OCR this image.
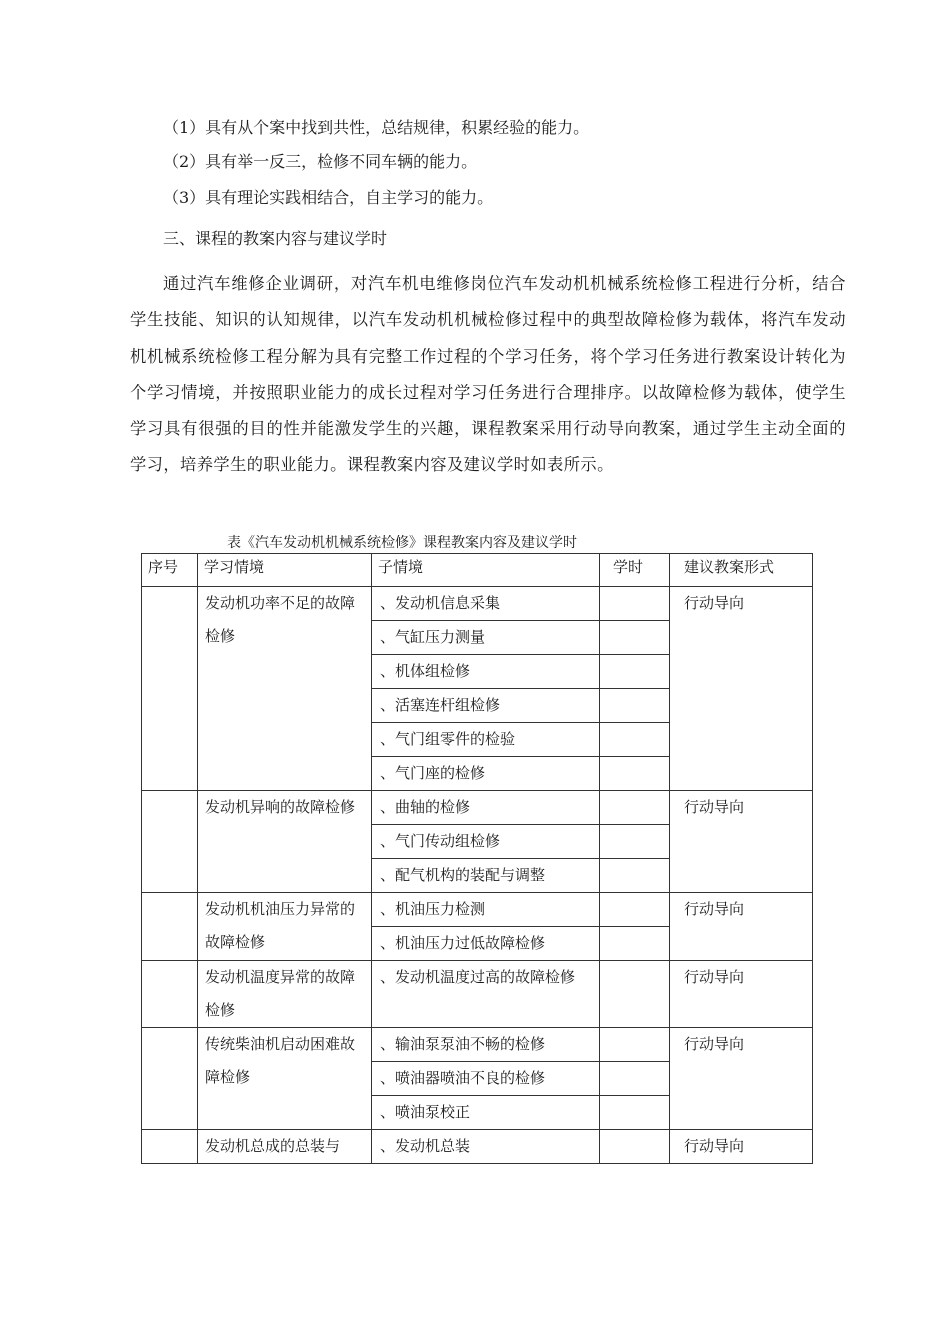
（1）具有从个案中找到共性，总结规律，积累经验的能力。
（2）具有举一反三，检修不同车辆的能力。
（3）具有理论实践相结合，自主学习的能力。
三、课程的教案内容与建议学时

通过汽车维修企业调研，对汽车机电维修岗位汽车发动机机械系统检修工程进行分析，结合学生技能、知识的认知规律，以汽车发动机机械检修过程中的典型故障检修为载体，将汽车发动机机械系统检修工程分解为具有完整工作过程的个学习任务，将个学习任务进行教案设计转化为个学习情境，并按照职业能力的成长过程对学习任务进行合理排序。以故障检修为载体，使学生学习具有很强的目的性并能激发学生的兴趣，课程教案采用行动导向教案，通过学生主动全面的学习，培养学生的职业能力。课程教案内容及建议学时如表所示。

表《汽车发动机机械系统检修》课程教案内容及建议学时
序号	学习情境	子情境	学时	建议教案形式
	发动机功率不足的故障检修	、发动机信息采集		行动导向
		、气缸压力测量		
		、机体组检修		
		、活塞连杆组检修		
		、气门组零件的检验		
		、气门座的检修		
	发动机异响的故障检修	、曲轴的检修		行动导向
		、气门传动组检修		
		、配气机构的装配与调整		
	发动机机油压力异常的故障检修	、机油压力检测		行动导向
		、机油压力过低故障检修		
	发动机温度异常的故障检修	、发动机温度过高的故障检修		行动导向
	传统柴油机启动困难故障检修	、输油泵泵油不畅的检修		行动导向
		、喷油器喷油不良的检修		
		、喷油泵校正		
	发动机总成的总装与	、发动机总装		行动导向
